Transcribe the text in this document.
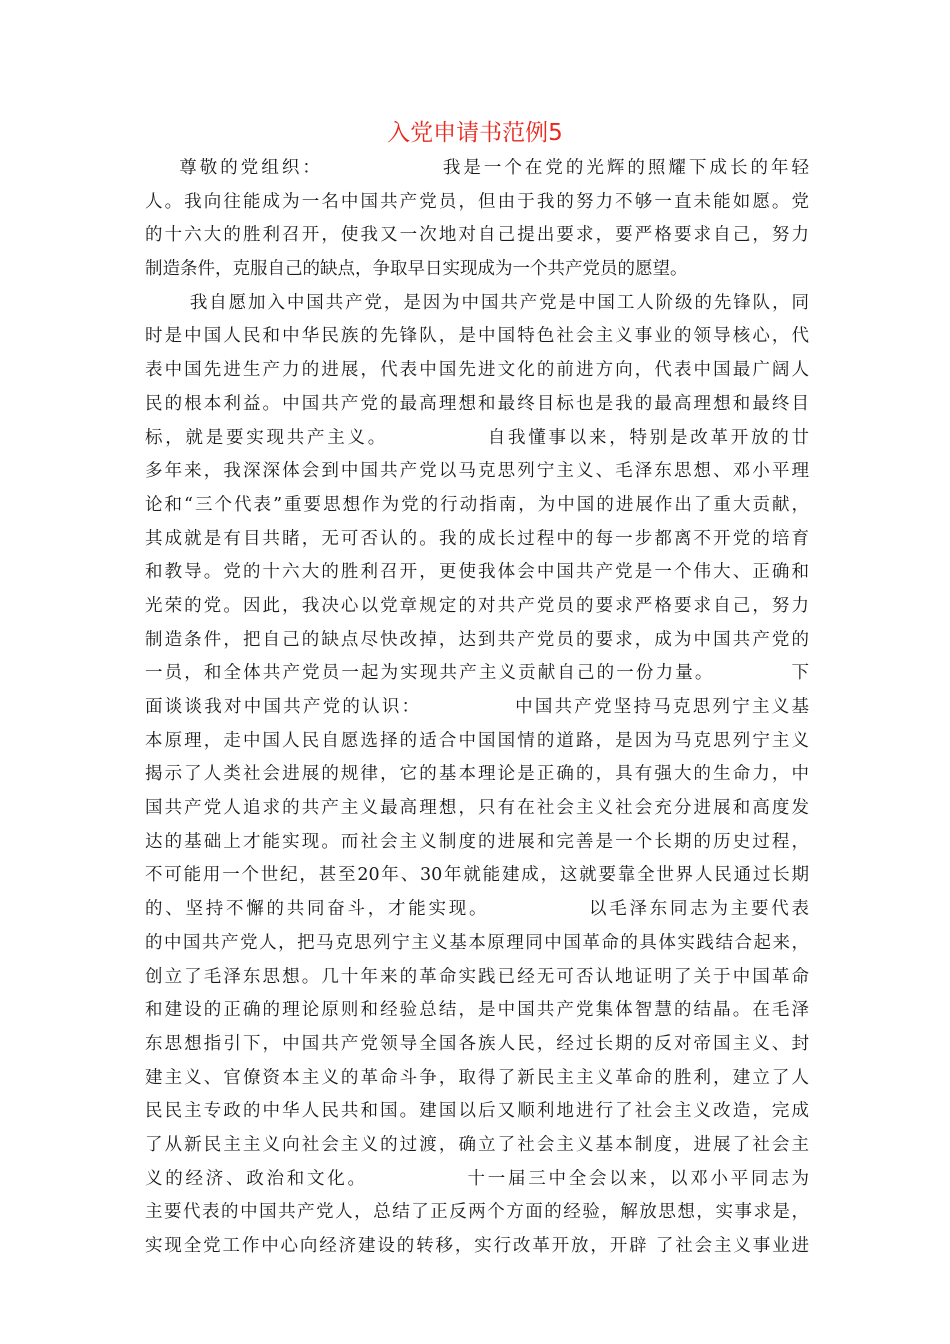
入党申请书范例5
尊敬的党组织：              我是一个在党的光辉的照耀下成长的年轻
人。我向往能成为一名中国共产党员，但由于我的努力不够一直未能如愿。党
的十六大的胜利召开，使我又一次地对自己提出要求，要严格要求自己，努力
制造条件，克服自己的缺点，争取早日实现成为一个共产党员的愿望。
我自愿加入中国共产党，是因为中国共产党是中国工人阶级的先锋队，同
时是中国人民和中华民族的先锋队，是中国特色社会主义事业的领导核心，代
表中国先进生产力的进展，代表中国先进文化的前进方向，代表中国最广阔人
民的根本利益。中国共产党的最高理想和最终目标也是我的最高理想和最终目
标，就是要实现共产主义。            自我懂事以来，特别是改革开放的廿
多年来，我深深体会到中国共产党以马克思列宁主义、毛泽东思想、邓小平理
论和“三个代表”重要思想作为党的行动指南，为中国的进展作出了重大贡献，
其成就是有目共睹，无可否认的。我的成长过程中的每一步都离不开党的培育
和教导。党的十六大的胜利召开，更使我体会中国共产党是一个伟大、正确和
光荣的党。因此，我决心以党章规定的对共产党员的要求严格要求自己，努力
制造条件，把自己的缺点尽快改掉，达到共产党员的要求，成为中国共产党的
一员，和全体共产党员一起为实现共产主义贡献自己的一份力量。          下
面谈谈我对中国共产党的认识：            中国共产党坚持马克思列宁主义基
本原理，走中国人民自愿选择的适合中国国情的道路，是因为马克思列宁主义
揭示了人类社会进展的规律，它的基本理论是正确的，具有强大的生命力，中
国共产党人追求的共产主义最高理想，只有在社会主义社会充分进展和高度发
达的基础上才能实现。而社会主义制度的进展和完善是一个长期的历史过程，
不可能用一个世纪，甚至20年、30年就能建成，这就要靠全世界人民通过长期
的、坚持不懈的共同奋斗，才能实现。            以毛泽东同志为主要代表
的中国共产党人，把马克思列宁主义基本原理同中国革命的具体实践结合起来，
创立了毛泽东思想。几十年来的革命实践已经无可否认地证明了关于中国革命
和建设的正确的理论原则和经验总结，是中国共产党集体智慧的结晶。在毛泽
东思想指引下，中国共产党领导全国各族人民，经过长期的反对帝国主义、封
建主义、官僚资本主义的革命斗争，取得了新民主主义革命的胜利，建立了人
民民主专政的中华人民共和国。建国以后又顺利地进行了社会主义改造，完成
了从新民主主义向社会主义的过渡，确立了社会主义基本制度，进展了社会主
义的经济、政治和文化。            十一届三中全会以来，以邓小平同志为
主要代表的中国共产党人，总结了正反两个方面的经验，解放思想，实事求是，
实现全党工作中心向经济建设的转移，实行改革开放，开辟 了社会主义事业进
